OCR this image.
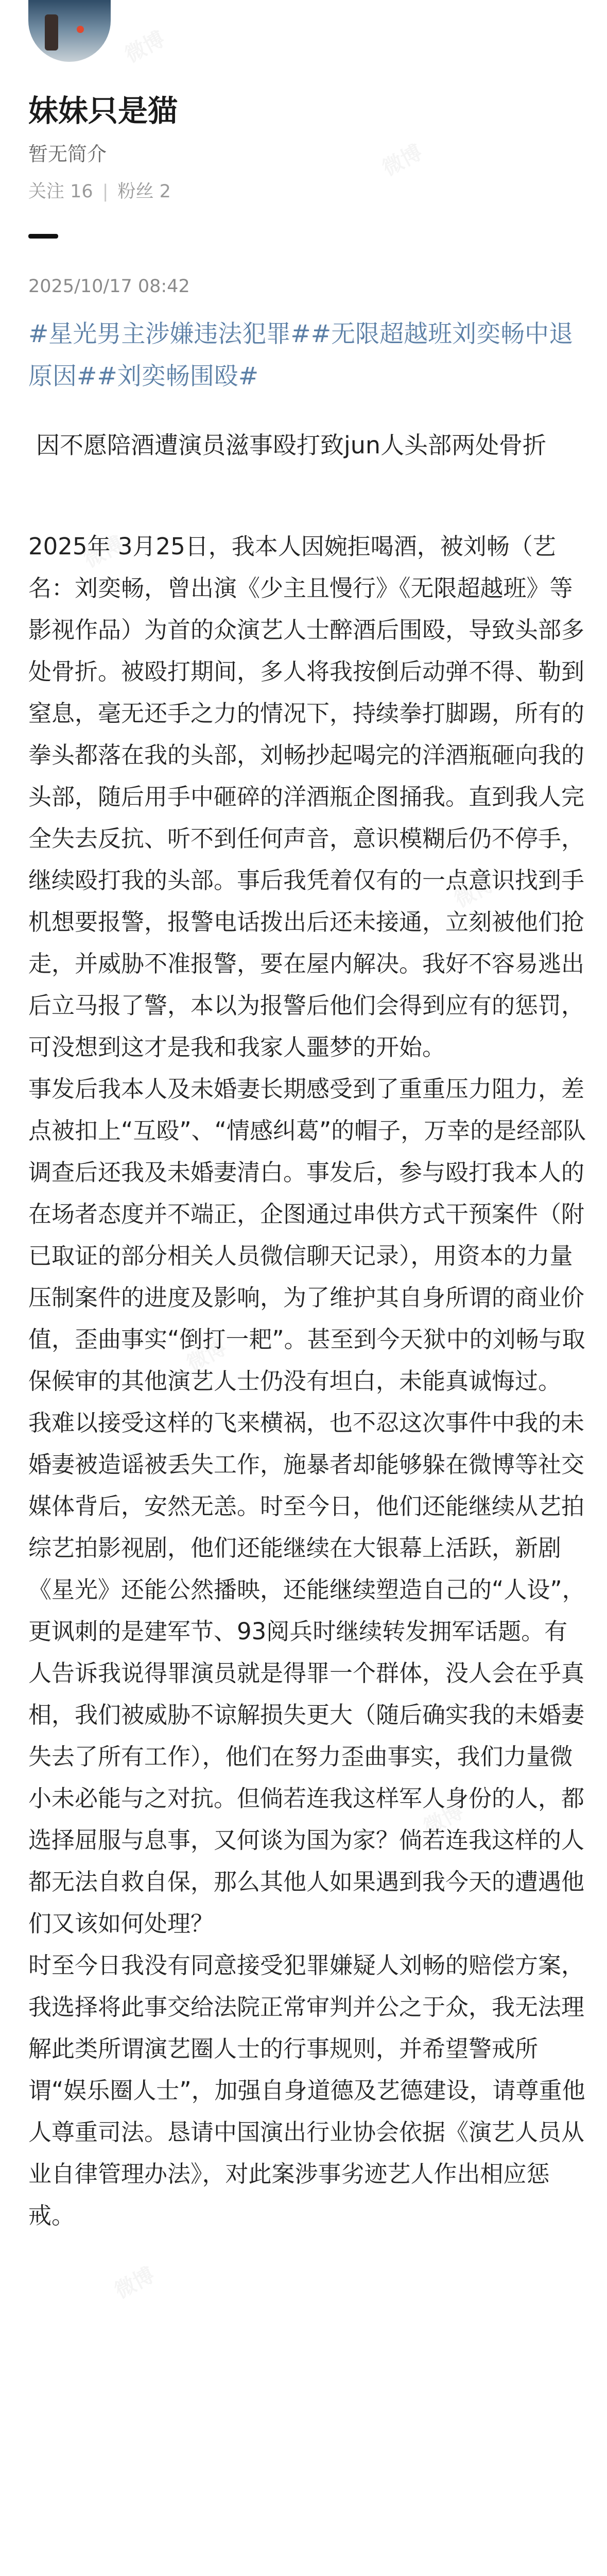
妹妹只是猫
暂无简介
关注 16 | 粉丝 2
2025/10/17 08:42
#星光男主涉嫌违法犯罪##无限超越班刘奕畅中退原因##刘奕畅围殴#
因不愿陪酒遭演员滋事殴打致jun人头部两处骨折

2025年 3月25日，我本人因婉拒喝酒，被刘畅（艺名：刘奕畅，曾出演《少主且慢行》《无限超越班》等影视作品）为首的众演艺人士醉酒后围殴，导致头部多处骨折。被殴打期间，多人将我按倒后动弹不得、勒到窒息，毫无还手之力的情况下，持续拳打脚踢，所有的拳头都落在我的头部，刘畅抄起喝完的洋酒瓶砸向我的头部，随后用手中砸碎的洋酒瓶企图捅我。直到我人完全失去反抗、听不到任何声音，意识模糊后仍不停手，继续殴打我的头部。事后我凭着仅有的一点意识找到手机想要报警，报警电话拨出后还未接通，立刻被他们抢走，并威胁不准报警，要在屋内解决。我好不容易逃出后立马报了警，本以为报警后他们会得到应有的惩罚，可没想到这才是我和我家人噩梦的开始。

事发后我本人及未婚妻长期感受到了重重压力阻力，差点被扣上“互殴”、“情感纠葛”的帽子，万幸的是经部队调查后还我及未婚妻清白。事发后，参与殴打我本人的在场者态度并不端正，企图通过串供方式干预案件（附已取证的部分相关人员微信聊天记录），用资本的力量压制案件的进度及影响，为了维护其自身所谓的商业价值，歪曲事实“倒打一耙”。甚至到今天狱中的刘畅与取保候审的其他演艺人士仍没有坦白，未能真诚悔过。

我难以接受这样的飞来横祸，也不忍这次事件中我的未婚妻被造谣被丢失工作，施暴者却能够躲在微博等社交媒体背后，安然无恙。时至今日，他们还能继续从艺拍综艺拍影视剧，他们还能继续在大银幕上活跃，新剧《星光》还能公然播映，还能继续塑造自己的“人设”，更讽刺的是建军节、93阅兵时继续转发拥军话题。有人告诉我说得罪演员就是得罪一个群体，没人会在乎真相，我们被威胁不谅解损失更大（随后确实我的未婚妻失去了所有工作），他们在努力歪曲事实，我们力量微小未必能与之对抗。但倘若连我这样军人身份的人，都选择屈服与息事，又何谈为国为家？倘若连我这样的人都无法自救自保，那么其他人如果遇到我今天的遭遇他们又该如何处理？

时至今日我没有同意接受犯罪嫌疑人刘畅的赔偿方案，我选择将此事交给法院正常审判并公之于众，我无法理解此类所谓演艺圈人士的行事规则，并希望警戒所谓“娱乐圈人士”，加强自身道德及艺德建设，请尊重他人尊重司法。恳请中国演出行业协会依据《演艺人员从业自律管理办法》，对此案涉事劣迹艺人作出相应惩戒。
